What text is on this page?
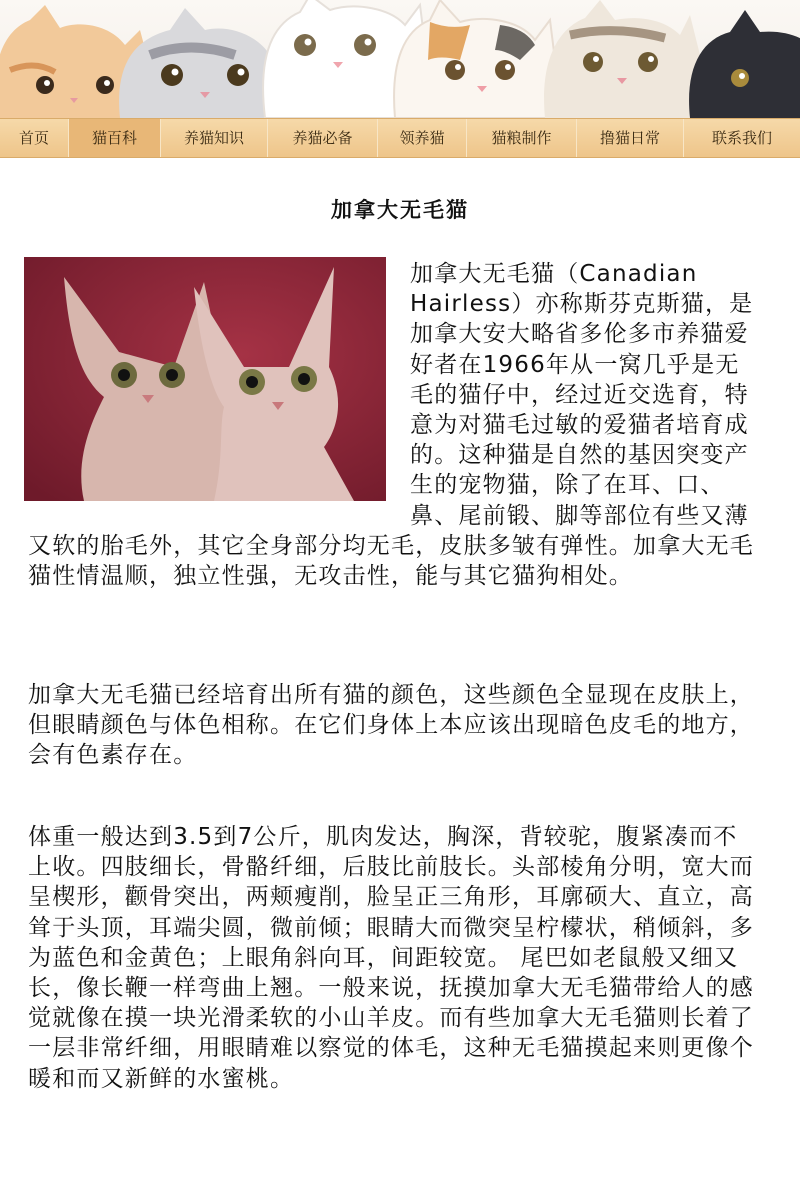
首页	猫百科	养猫知识	养猫必备	领养猫	猫粮制作	撸猫日常	联系我们
加拿大无毛猫
加拿大无毛猫（Canadian Hairless）亦称斯芬克斯猫，是加拿大安大略省多伦多市养猫爱好者在1966年从一窝几乎是无毛的猫仔中，经过近交选育，特意为对猫毛过敏的爱猫者培育成的。这种猫是自然的基因突变产生的宠物猫，除了在耳、口、鼻、尾前锻、脚等部位有些又薄又软的胎毛外，其它全身部分均无毛，皮肤多皱有弹性。加拿大无毛猫性情温顺，独立性强，无攻击性，能与其它猫狗相处。
加拿大无毛猫已经培育出所有猫的颜色，这些颜色全显现在皮肤上，但眼睛颜色与体色相称。在它们身体上本应该出现暗色皮毛的地方，会有色素存在。
体重一般达到3.5到7公斤，肌肉发达，胸深，背较驼，腹紧凑而不上收。四肢细长，骨骼纤细，后肢比前肢长。头部棱角分明，宽大而呈楔形，颧骨突出，两颊瘦削，脸呈正三角形，耳廓硕大、直立，高耸于头顶，耳端尖圆，微前倾；眼睛大而微突呈柠檬状，稍倾斜，多为蓝色和金黄色；上眼角斜向耳，间距较宽。 尾巴如老鼠般又细又长，像长鞭一样弯曲上翘。一般来说，抚摸加拿大无毛猫带给人的感觉就像在摸一块光滑柔软的小山羊皮。而有些加拿大无毛猫则长着了一层非常纤细，用眼睛难以察觉的体毛，这种无毛猫摸起来则更像个暖和而又新鲜的水蜜桃。
